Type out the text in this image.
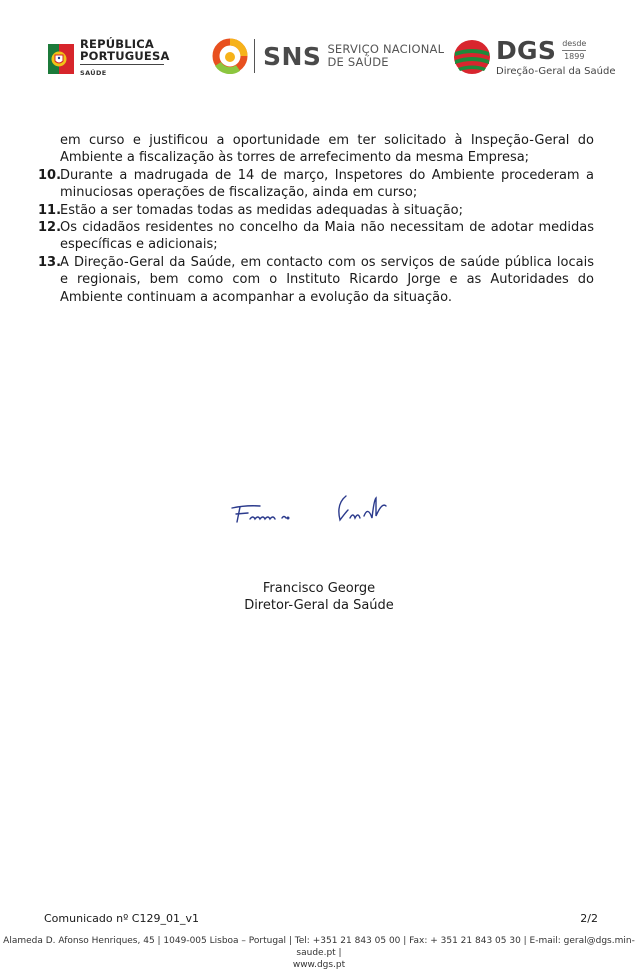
REPÚBLICA
PORTUGUESA
SAÚDE
SNS SERVIÇO NACIONAL
DE SAÚDE	DGS desde
1899
Direção-Geral da Saúde
em curso e justificou a oportunidade em ter solicitado à Inspeção-Geral do Ambiente a fiscalização às torres de arrefecimento da mesma Empresa;
10.
Durante a madrugada de 14 de março, Inspetores do Ambiente procederam a minuciosas operações de fiscalização, ainda em curso;
11.
Estão a ser tomadas todas as medidas adequadas à situação;
12.
Os cidadãos residentes no concelho da Maia não necessitam de adotar medidas específicas e adicionais;
13.
A Direção-Geral da Saúde, em contacto com os serviços de saúde pública locais e regionais, bem como com o Instituto Ricardo Jorge e as Autoridades do Ambiente continuam a acompanhar a evolução da situação.
Francisco George
Diretor-Geral da Saúde
Comunicado nº C129_01_v1	2/2
Alameda D. Afonso Henriques, 45 | 1049-005 Lisboa – Portugal | Tel: +351 21 843 05 00 | Fax: + 351 21 843 05 30 | E-mail: geral@dgs.min-saude.pt |
www.dgs.pt
